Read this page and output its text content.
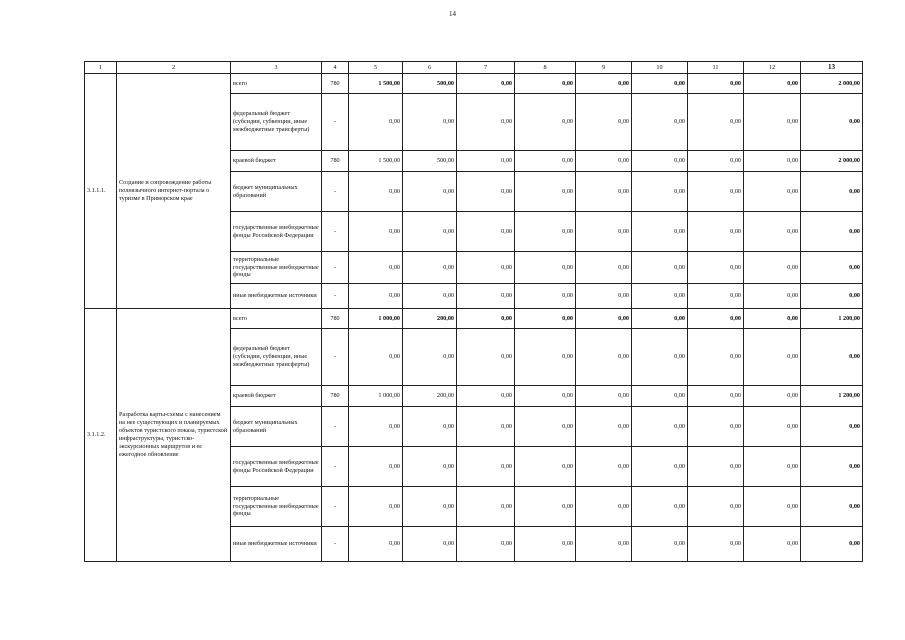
14
1	2	3	4	5	6	7	8	9	10	11	12	13
3.1.1.1.	Создание и сопровождение работы полнязычного интернет-портала о туризме в Приморском крае	всего	780	1 500,00	500,00	0,00	0,00	0,00	0,00	0,00	0,00	2 000,00
		федеральный бюджет (субсидии, субвенции, иные межбюджетные трансферты)	-	0,00	0,00	0,00	0,00	0,00	0,00	0,00	0,00	0,00
		краевой бюджет	780	1 500,00	500,00	0,00	0,00	0,00	0,00	0,00	0,00	2 000,00
		бюджет муниципальных образований	-	0,00	0,00	0,00	0,00	0,00	0,00	0,00	0,00	0,00
		государственные внебюджетные фонды Российской Федерации	-	0,00	0,00	0,00	0,00	0,00	0,00	0,00	0,00	0,00
		территориальные государственные внебюджетные фонды	-	0,00	0,00	0,00	0,00	0,00	0,00	0,00	0,00	0,00
		иные внебюджетные источники	-	0,00	0,00	0,00	0,00	0,00	0,00	0,00	0,00	0,00
3.1.1.2.	Разработка карты-схемы с нанесением на нее существующих и планируемых объектов туристского показа, туристской инфраструктуры, туристско-экскурсионных маршрутов и ее ежегодное обновление	всего	780	1 000,00	200,00	0,00	0,00	0,00	0,00	0,00	0,00	1 200,00
		федеральный бюджет (субсидии, субвенции, иные межбюджетные трансферты)	-	0,00	0,00	0,00	0,00	0,00	0,00	0,00	0,00	0,00
		краевой бюджет	780	1 000,00	200,00	0,00	0,00	0,00	0,00	0,00	0,00	1 200,00
		бюджет муниципальных образований	-	0,00	0,00	0,00	0,00	0,00	0,00	0,00	0,00	0,00
		государственные внебюджетные фонды Российской Федерации	-	0,00	0,00	0,00	0,00	0,00	0,00	0,00	0,00	0,00
		территориальные государственные внебюджетные фонды	-	0,00	0,00	0,00	0,00	0,00	0,00	0,00	0,00	0,00
		иные внебюджетные источники	-	0,00	0,00	0,00	0,00	0,00	0,00	0,00	0,00	0,00
